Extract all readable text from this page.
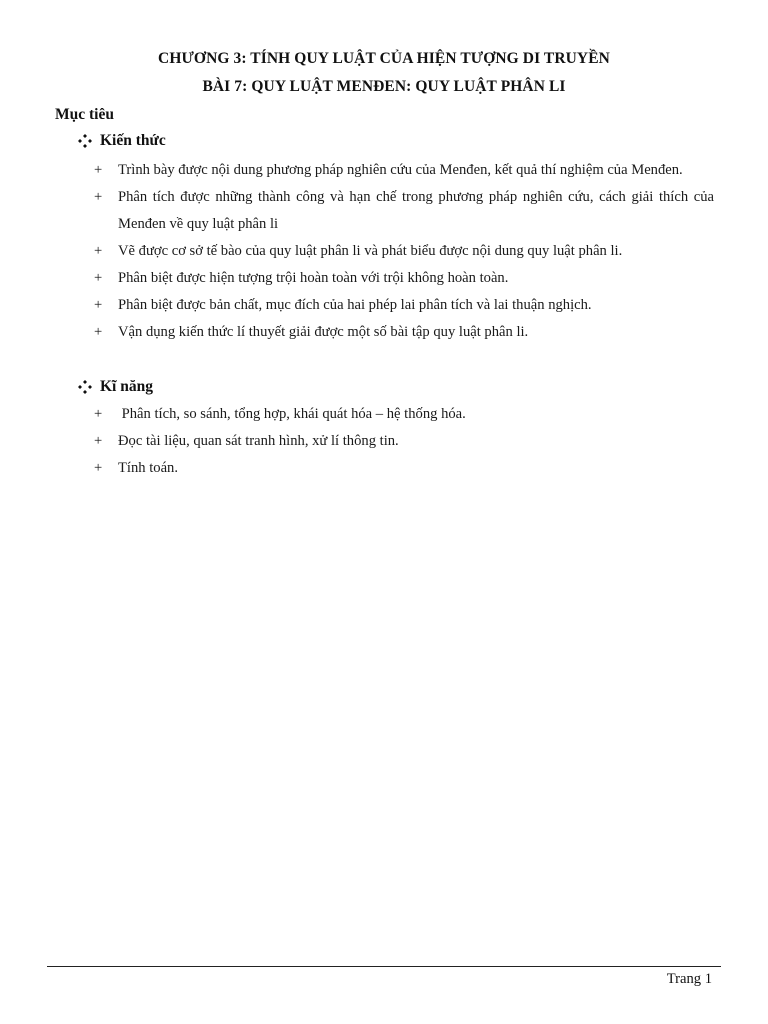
CHƯƠNG 3: TÍNH QUY LUẬT CỦA HIỆN TƯỢNG DI TRUYỀN
BÀI 7: QUY LUẬT MENĐEN: QUY LUẬT PHÂN LI
Mục tiêu
Kiến thức
+	Trình bày được nội dung phương pháp nghiên cứu của Menđen, kết quả thí nghiệm của Menđen.
+	Phân tích được những thành công và hạn chế trong phương pháp nghiên cứu, cách giải thích của Menđen về quy luật phân li
+	Vẽ được cơ sở tế bào của quy luật phân li và phát biểu được nội dung quy luật phân li.
+	Phân biệt được hiện tượng trội hoàn toàn với trội không hoàn toàn.
+	Phân biệt được bản chất, mục đích của hai phép lai phân tích và lai thuận nghịch.
+	Vận dụng kiến thức lí thuyết giải được một số bài tập quy luật phân li.
Kĩ năng
+	Phân tích, so sánh, tổng hợp, khái quát hóa – hệ thống hóa.
+	Đọc tài liệu, quan sát tranh hình, xử lí thông tin.
+	Tính toán.
Trang 1
